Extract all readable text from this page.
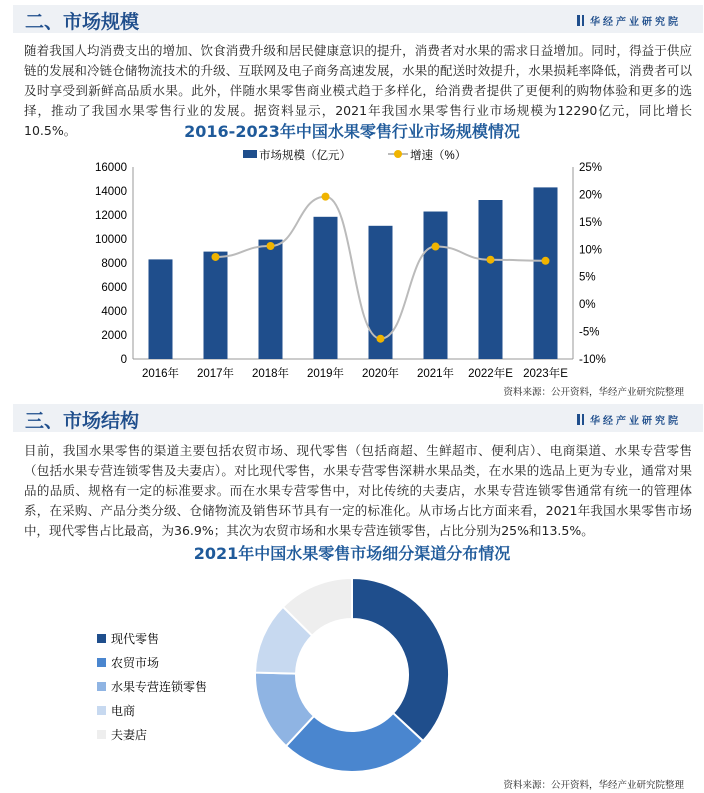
二、市场规模	华经产业研究院
随着我国人均消费支出的增加、饮食消费升级和居民健康意识的提升，消费者对水果的需求日益增加。同时，得益于供应链的发展和冷链仓储物流技术的升级、互联网及电子商务高速发展，水果的配送时效提升，水果损耗率降低，消费者可以及时享受到新鲜高品质水果。此外，伴随水果零售商业模式趋于多样化，给消费者提供了更便利的购物体验和更多的选择，推动了我国水果零售行业的发展。据资料显示，2021年我国水果零售行业市场规模为12290亿元，同比增长10.5%。	2016-2023年中国水果零售行业市场规模情况
0
2000
4000
6000
8000
10000
12000
14000
16000
-10%
-5%
0%
5%
10%
15%
20%
25%
2016年 2017年 2018年 2019年 2020年 2021年 2022年E 2023年E
市场规模（亿元）	增速（%）
资料来源：公开资料，华经产业研究院整理
三、市场结构	华经产业研究院
目前，我国水果零售的渠道主要包括农贸市场、现代零售（包括商超、生鲜超市、便利店）、电商渠道、水果专营零售（包括水果专营连锁零售及夫妻店）。对比现代零售，水果专营零售深耕水果品类，在水果的选品上更为专业，通常对果品的品质、规格有一定的标准要求。而在水果专营零售中，对比传统的夫妻店，水果专营连锁零售通常有统一的管理体系，在采购、产品分类分级、仓储物流及销售环节具有一定的标准化。从市场占比方面来看，2021年我国水果零售市场中，现代零售占比最高，为36.9%；其次为农贸市场和水果专营连锁零售，占比分别为25%和13.5%。
2021年中国水果零售市场细分渠道分布情况
现代零售
农贸市场
水果专营连锁零售
电商
夫妻店
资料来源：公开资料，华经产业研究院整理
